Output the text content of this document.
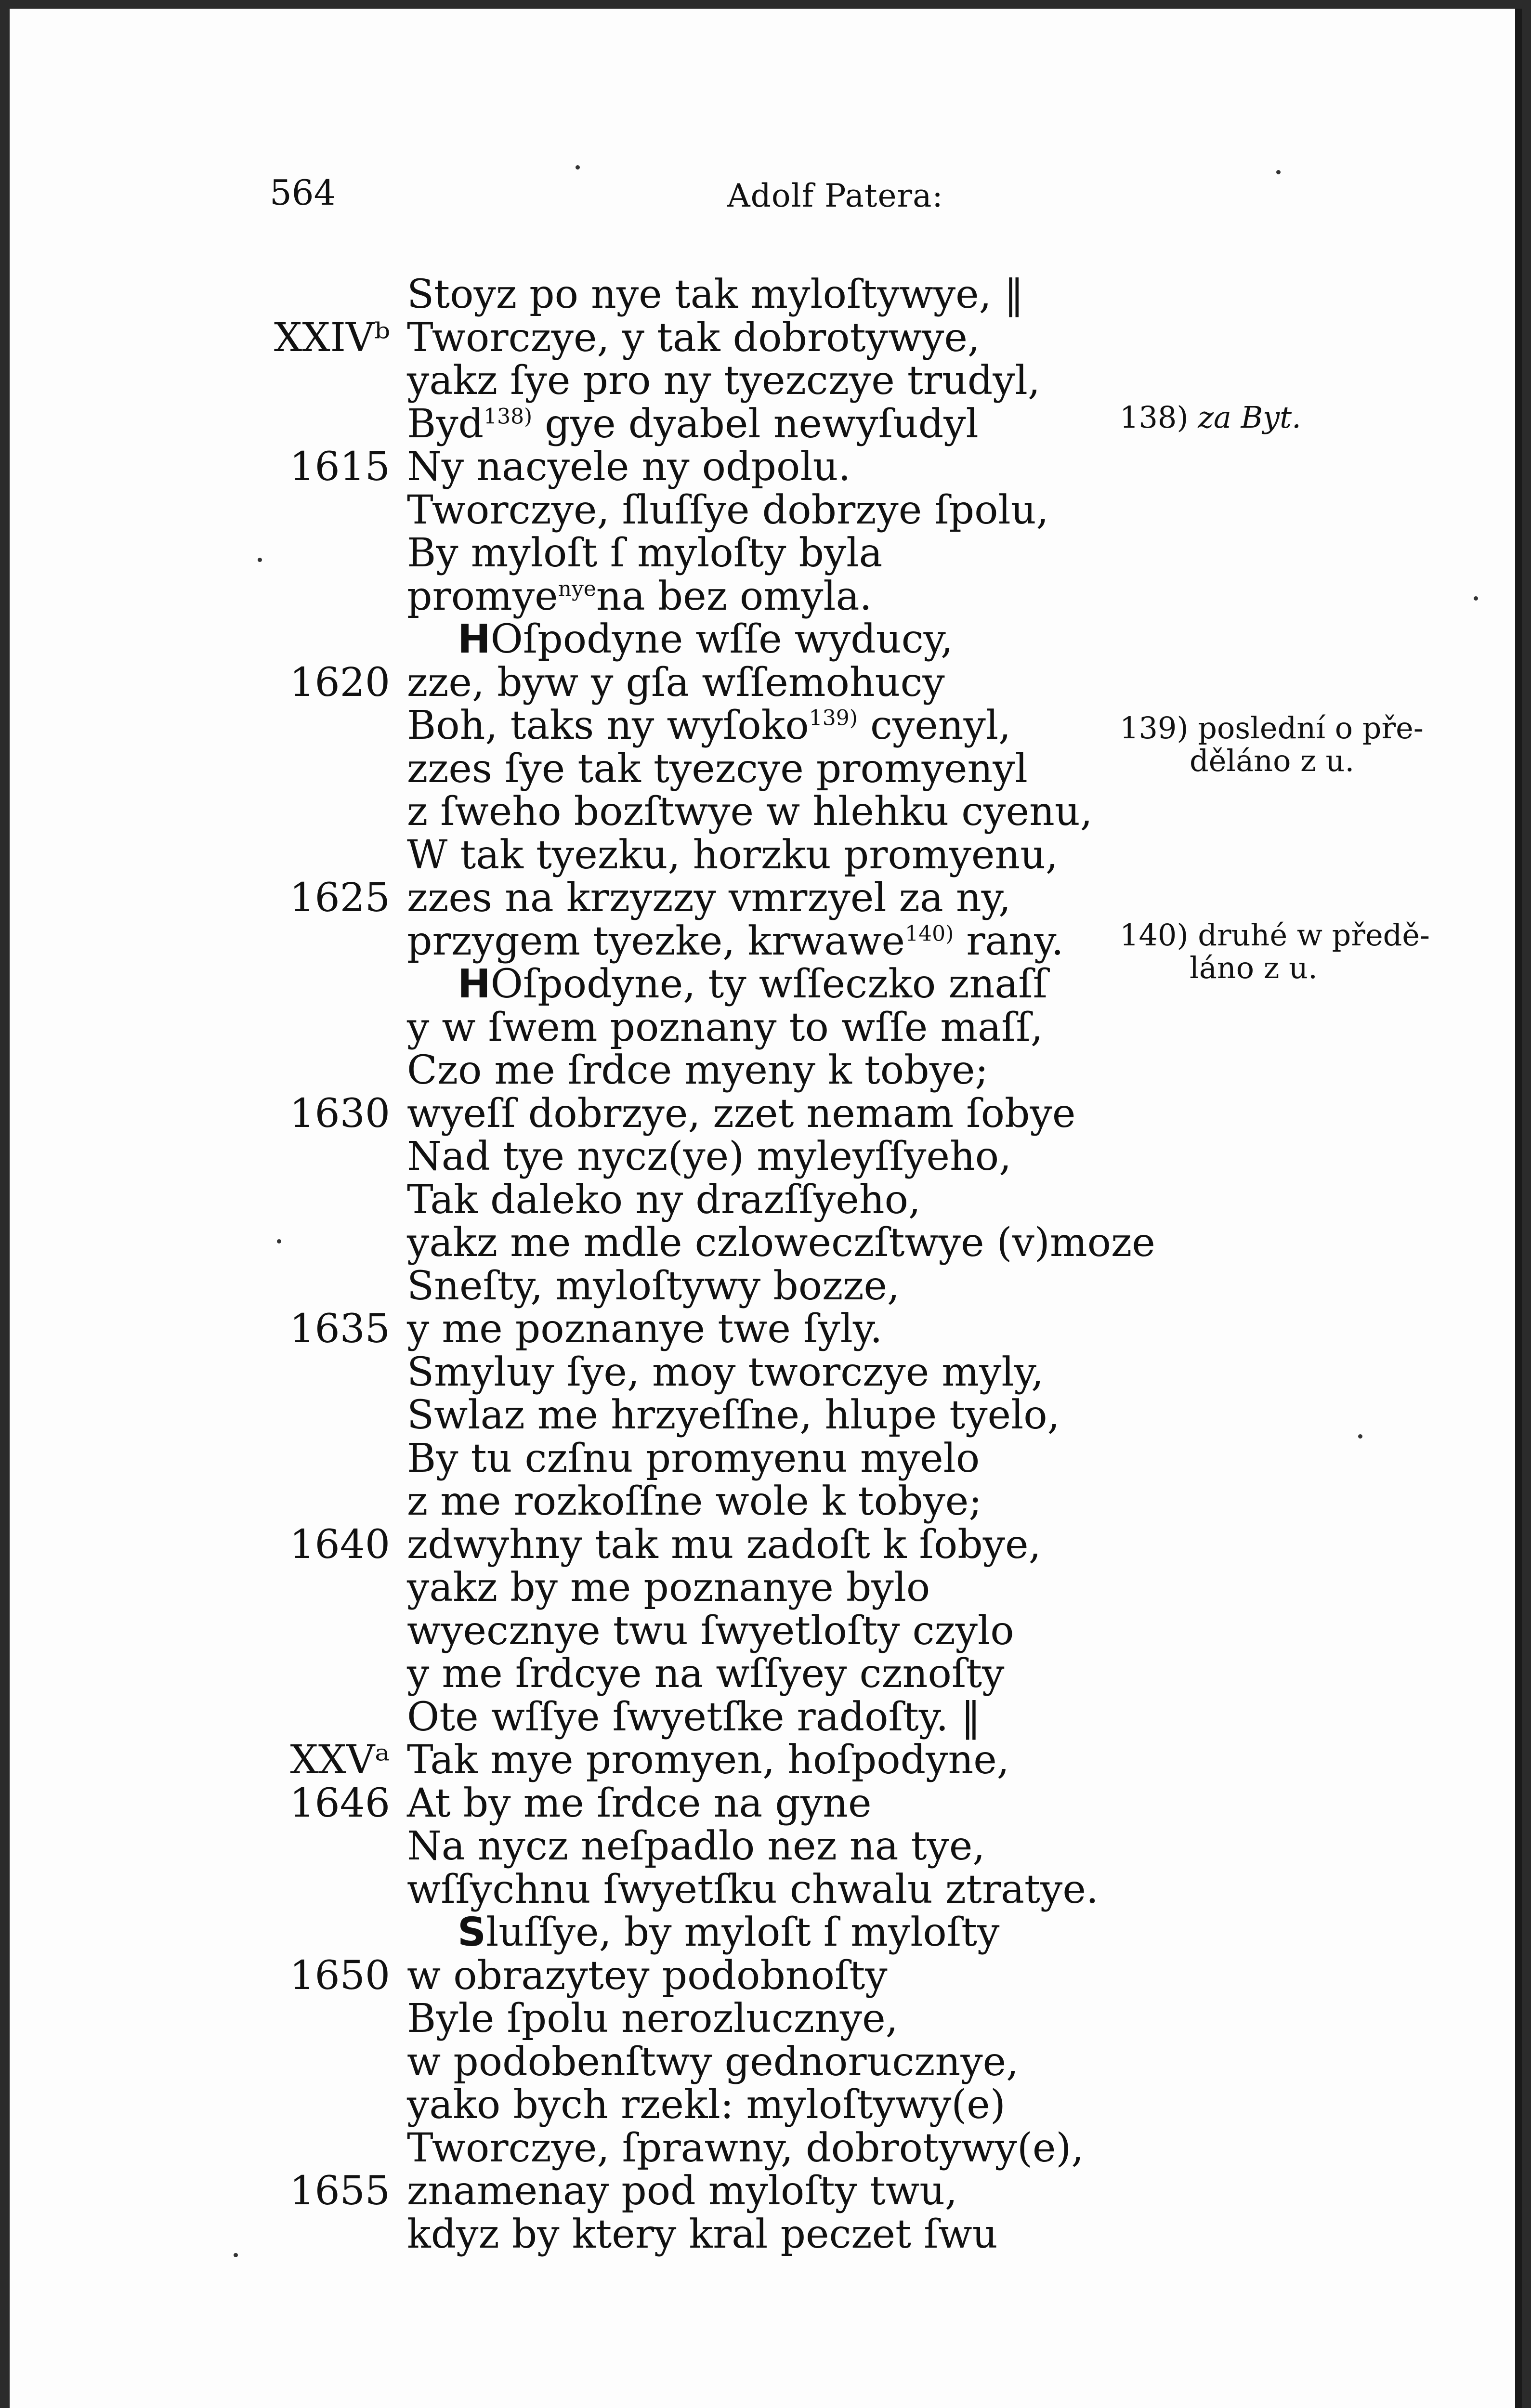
564	Adolf Patera:
Stoyz po nye tak myloſtywye, ‖
XXIVᵇ Tworczye, y tak dobrotywye,
yakz ſye pro ny tyezczye trudyl,
Byd$^{138)}$ gye dyabel newyſudyl
1615 Ny nacyele ny odpolu.
Tworczye, ſluſſye dobrzye ſpolu,
By myloſt ſ myloſty byla
promye$^{nye}$na bez omyla.
HOſpodyne wſſe wyducy,
1620 zze, byw y gſa wſſemohucy
Boh, taks ny wyſoko$^{139)}$ cyenyl,
zzes ſye tak tyezcye promyenyl
z ſweho bozſtwye w hlehku cyenu,
W tak tyezku, horzku promyenu,
1625 zzes na krzyzzy vmrzyel za ny,
przygem tyezke, krwawe$^{140)}$ rany.
HOſpodyne, ty wſſeczko znaſſ
y w ſwem poznany to wſſe maſſ,
Czo me ſrdce myeny k tobye;
1630 wyeſſ dobrzye, zzet nemam ſobye
Nad tye nycz(ye) myleyſſyeho,
Tak daleko ny drazſſyeho,
yakz me mdle czloweczſtwye (v)moze
Sneſty, myloſtywy bozze,
1635 y me poznanye twe ſyly.
Smyluy ſye, moy tworczye myly,
Swlaz me hrzyeſſne, hlupe tyelo,
By tu czſnu promyenu myelo
z me rozkoſſne wole k tobye;
1640 zdwyhny tak mu zadoſt k ſobye,
yakz by me poznanye bylo
wyecznye twu ſwyetloſty czylo
y me ſrdcye na wſſyey cznoſty
Ote wſſye ſwyetſke radoſty. ‖
XXVᵃ Tak mye promyen, hoſpodyne,
1646 At by me ſrdce na gyne
Na nycz neſpadlo nez na tye,
wſſychnu ſwyetſku chwalu ztratye.
Sluſſye, by myloſt ſ myloſty
1650 w obrazytey podobnoſty
Byle ſpolu nerozlucznye,
w podobenſtwy gednorucznye,
yako bych rzekl: myloſtywy(e)
Tworczye, ſprawny, dobrotywy(e),
1655 znamenay pod myloſty twu,
kdyz by ktery kral peczet ſwu
138) za Byt.
139) poslední o pře-
děláno z u.
140) druhé w předě-
láno z u.
